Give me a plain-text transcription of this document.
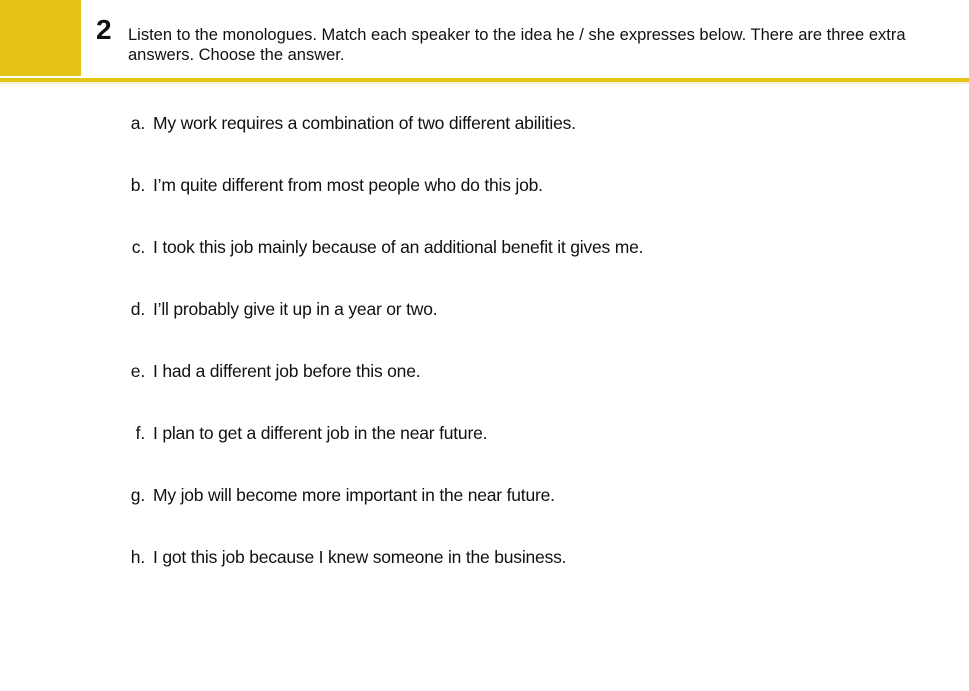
2 Listen to the monologues. Match each speaker to the idea he / she expresses below. There are three extra answers. Choose the answer.
a. My work requires a combination of two different abilities.
b. I’m quite different from most people who do this job.
c. I took this job mainly because of an additional benefit it gives me.
d. I’ll probably give it up in a year or two.
e. I had a different job before this one.
f. I plan to get a different job in the near future.
g. My job will become more important in the near future.
h. I got this job because I knew someone in the business.
